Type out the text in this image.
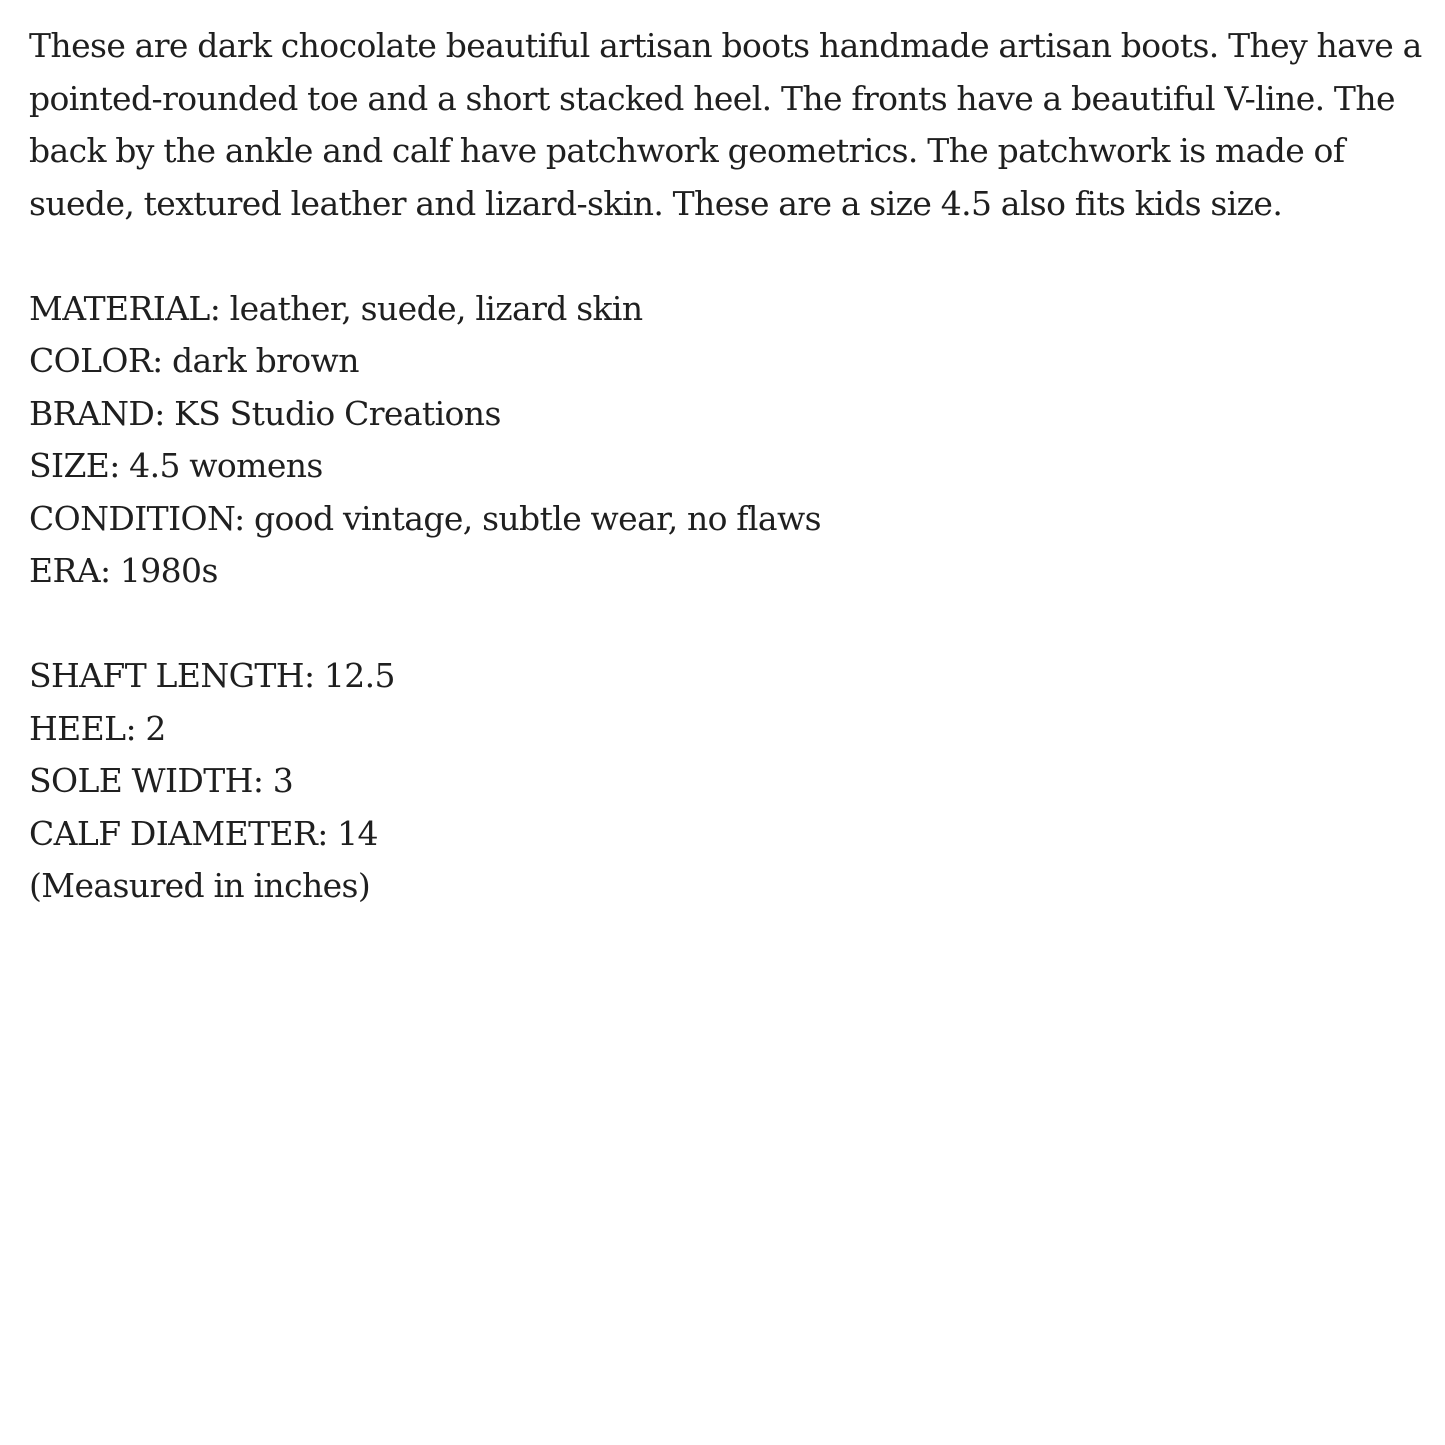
These are dark chocolate beautiful artisan boots handmade artisan boots. They have a pointed-rounded toe and a short stacked heel. The fronts have a beautiful V-line. The back by the ankle and calf have patchwork geometrics. The patchwork is made of suede, textured leather and lizard-skin. These are a size 4.5 also fits kids size.

MATERIAL: leather, suede, lizard skin
COLOR: dark brown
BRAND: KS Studio Creations
SIZE: 4.5 womens
CONDITION: good vintage, subtle wear, no flaws
ERA: 1980s
SHAFT LENGTH: 12.5
HEEL: 2
SOLE WIDTH: 3
CALF DIAMETER: 14
(Measured in inches)
